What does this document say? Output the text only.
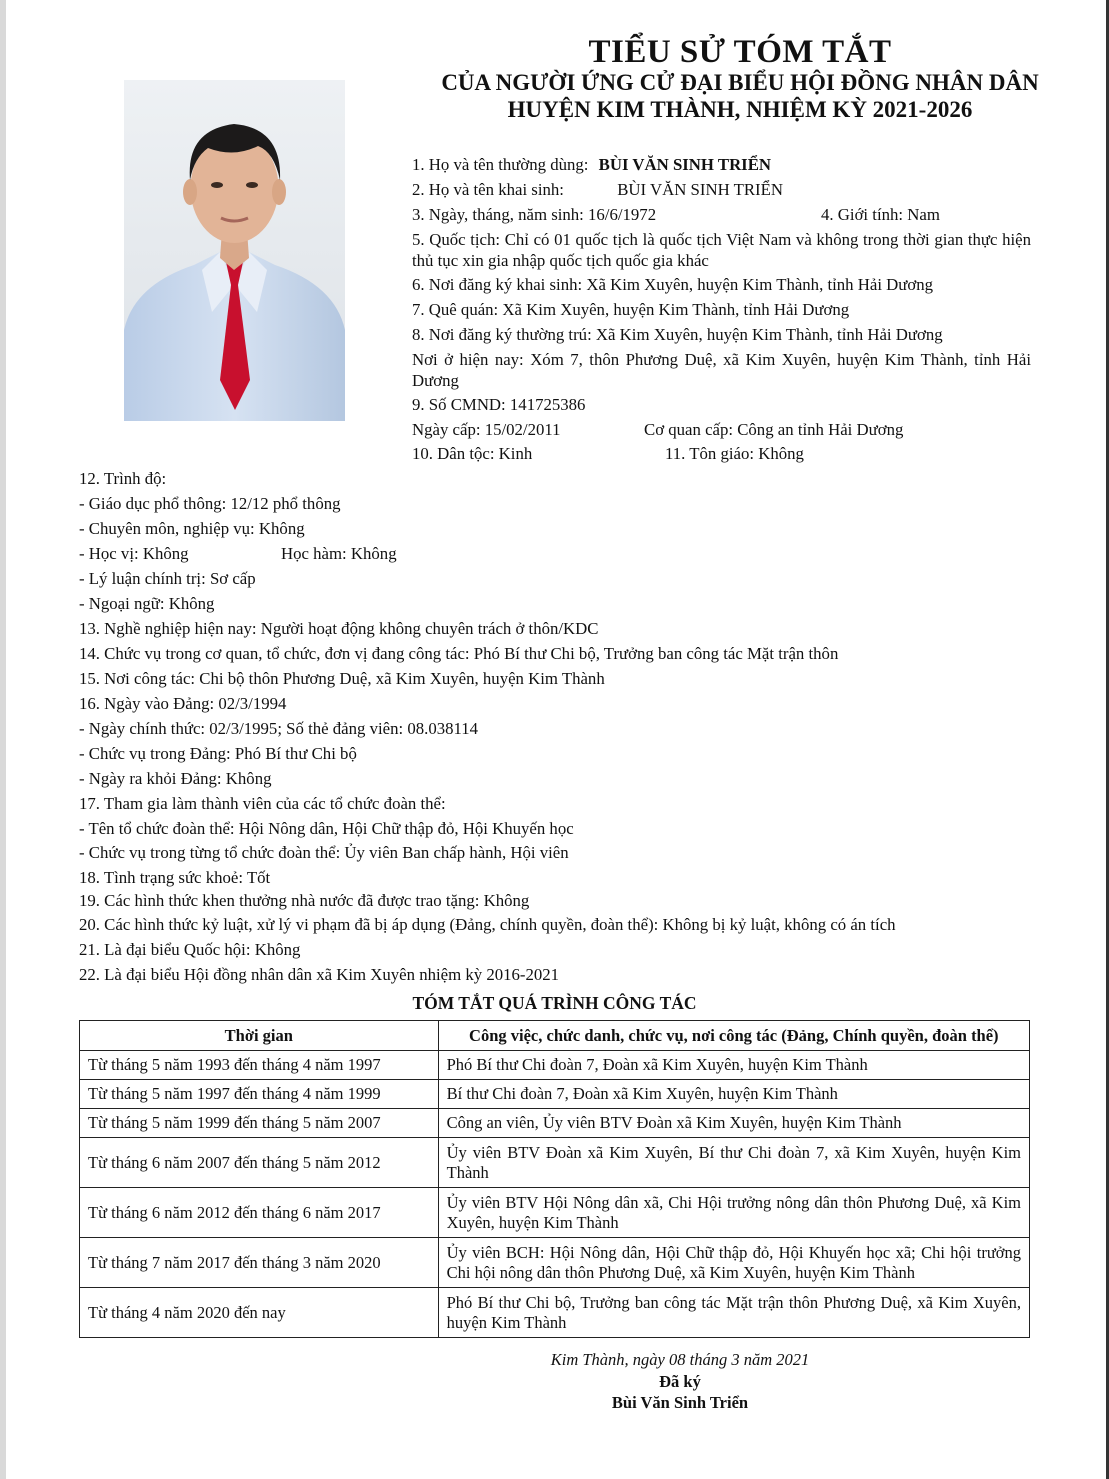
TIỂU SỬ TÓM TẮT
CỦA NGƯỜI ỨNG CỬ ĐẠI BIỂU HỘI ĐỒNG NHÂN DÂN
HUYỆN KIM THÀNH, NHIỆM KỲ 2021-2026
1. Họ và tên thường dùng: BÙI VĂN SINH TRIỂN
2. Họ và tên khai sinh:	BÙI VĂN SINH TRIỂN
3. Ngày, tháng, năm sinh: 16/6/1972	4. Giới tính: Nam
5. Quốc tịch: Chỉ có 01 quốc tịch là quốc tịch Việt Nam và không trong thời gian thực hiện thủ tục xin gia nhập quốc tịch quốc gia khác
6. Nơi đăng ký khai sinh: Xã Kim Xuyên, huyện Kim Thành, tỉnh Hải Dương
7. Quê quán: Xã Kim Xuyên, huyện Kim Thành, tỉnh Hải Dương
8. Nơi đăng ký thường trú: Xã Kim Xuyên, huyện Kim Thành, tỉnh Hải Dương
Nơi ở hiện nay: Xóm 7, thôn Phương Duệ, xã Kim Xuyên, huyện Kim Thành, tỉnh Hải Dương
9. Số CMND: 141725386
Ngày cấp: 15/02/2011	Cơ quan cấp: Công an tỉnh Hải Dương
10. Dân tộc: Kinh	11. Tôn giáo: Không
12. Trình độ:
- Giáo dục phổ thông: 12/12 phổ thông
- Chuyên môn, nghiệp vụ: Không
- Học vị: Không	Học hàm: Không
- Lý luận chính trị: Sơ cấp
- Ngoại ngữ: Không
13. Nghề nghiệp hiện nay: Người hoạt động không chuyên trách ở thôn/KDC
14. Chức vụ trong cơ quan, tổ chức, đơn vị đang công tác: Phó Bí thư Chi bộ, Trưởng ban công tác Mặt trận thôn
15. Nơi công tác: Chi bộ thôn Phương Duệ, xã Kim Xuyên, huyện Kim Thành
16. Ngày vào Đảng: 02/3/1994
- Ngày chính thức: 02/3/1995; Số thẻ đảng viên: 08.038114
- Chức vụ trong Đảng: Phó Bí thư Chi bộ
- Ngày ra khỏi Đảng: Không
17. Tham gia làm thành viên của các tổ chức đoàn thể:
- Tên tổ chức đoàn thể: Hội Nông dân, Hội Chữ thập đỏ, Hội Khuyến học
- Chức vụ trong từng tổ chức đoàn thể: Ủy viên Ban chấp hành, Hội viên
18. Tình trạng sức khoẻ: Tốt
19. Các hình thức khen thưởng nhà nước đã được trao tặng: Không
20. Các hình thức kỷ luật, xử lý vi phạm đã bị áp dụng (Đảng, chính quyền, đoàn thể): Không bị kỷ luật, không có án tích
21. Là đại biểu Quốc hội: Không
22. Là đại biểu Hội đồng nhân dân xã Kim Xuyên nhiệm kỳ 2016-2021
TÓM TẮT QUÁ TRÌNH CÔNG TÁC
Thời gian	Công việc, chức danh, chức vụ, nơi công tác (Đảng, Chính quyền, đoàn thể)
Từ tháng 5 năm 1993 đến tháng 4 năm 1997	Phó Bí thư Chi đoàn 7, Đoàn xã Kim Xuyên, huyện Kim Thành
Từ tháng 5 năm 1997 đến tháng 4 năm 1999	Bí thư Chi đoàn 7, Đoàn xã Kim Xuyên, huyện Kim Thành
Từ tháng 5 năm 1999 đến tháng 5 năm 2007	Công an viên, Ủy viên BTV Đoàn xã Kim Xuyên, huyện Kim Thành
Từ tháng 6 năm 2007 đến tháng 5 năm 2012	Ủy viên BTV Đoàn xã Kim Xuyên, Bí thư Chi đoàn 7, xã Kim Xuyên, huyện Kim Thành
Từ tháng 6 năm 2012 đến tháng 6 năm 2017	Ủy viên BTV Hội Nông dân xã, Chi Hội trưởng nông dân thôn Phương Duệ, xã Kim Xuyên, huyện Kim Thành
Từ tháng 7 năm 2017 đến tháng 3 năm 2020	Ủy viên BCH: Hội Nông dân, Hội Chữ thập đỏ, Hội Khuyến học xã; Chi hội trưởng Chi hội nông dân thôn Phương Duệ, xã Kim Xuyên, huyện Kim Thành
Từ tháng 4 năm 2020 đến nay	Phó Bí thư Chi bộ, Trưởng ban công tác Mặt trận thôn Phương Duệ, xã Kim Xuyên, huyện Kim Thành
Kim Thành, ngày 08 tháng 3 năm 2021
Đã ký
Bùi Văn Sinh Triển
